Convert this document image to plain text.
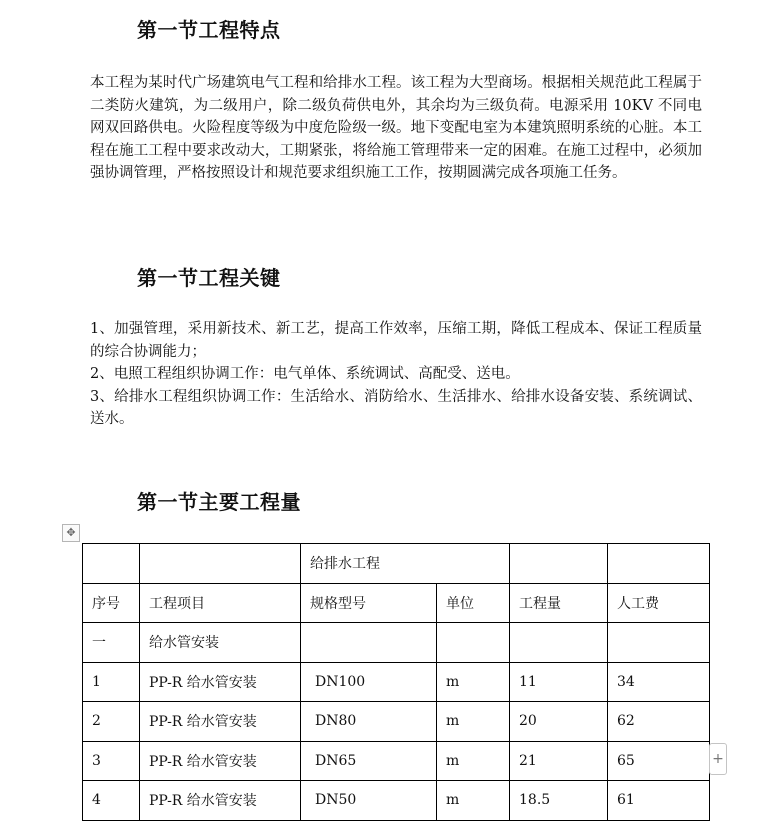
第一节工程特点

本工程为某时代广场建筑电气工程和给排水工程。该工程为大型商场。根据相关规范此工程属于二类防火建筑，为二级用户，除二级负荷供电外，其余均为三级负荷。电源采用 10KV 不同电网双回路供电。火险程度等级为中度危险级一级。地下变配电室为本建筑照明系统的心脏。本工程在施工工程中要求改动大，工期紧张，将给施工管理带来一定的困难。在施工过程中，必须加强协调管理，严格按照设计和规范要求组织施工工作，按期圆满完成各项施工任务。

第一节工程关键

1、加强管理，采用新技术、新工艺，提高工作效率，压缩工期，降低工程成本、保证工程质量的综合协调能力；

2、电照工程组织协调工作：电气单体、系统调试、高配受、送电。

3、给排水工程组织协调工作：生活给水、消防给水、生活排水、给排水设备安装、系统调试、送水。

第一节主要工程量
✥
		给排水工程			
序号	工程项目	规格型号	单位	工程量	人工费
一	给水管安装				
1	PP-R 给水管安装	DN100	m	11	34
2	PP-R 给水管安装	DN80	m	20	62
3	PP-R 给水管安装	DN65	m	21	65
4	PP-R 给水管安装	DN50	m	18.5	61
+
